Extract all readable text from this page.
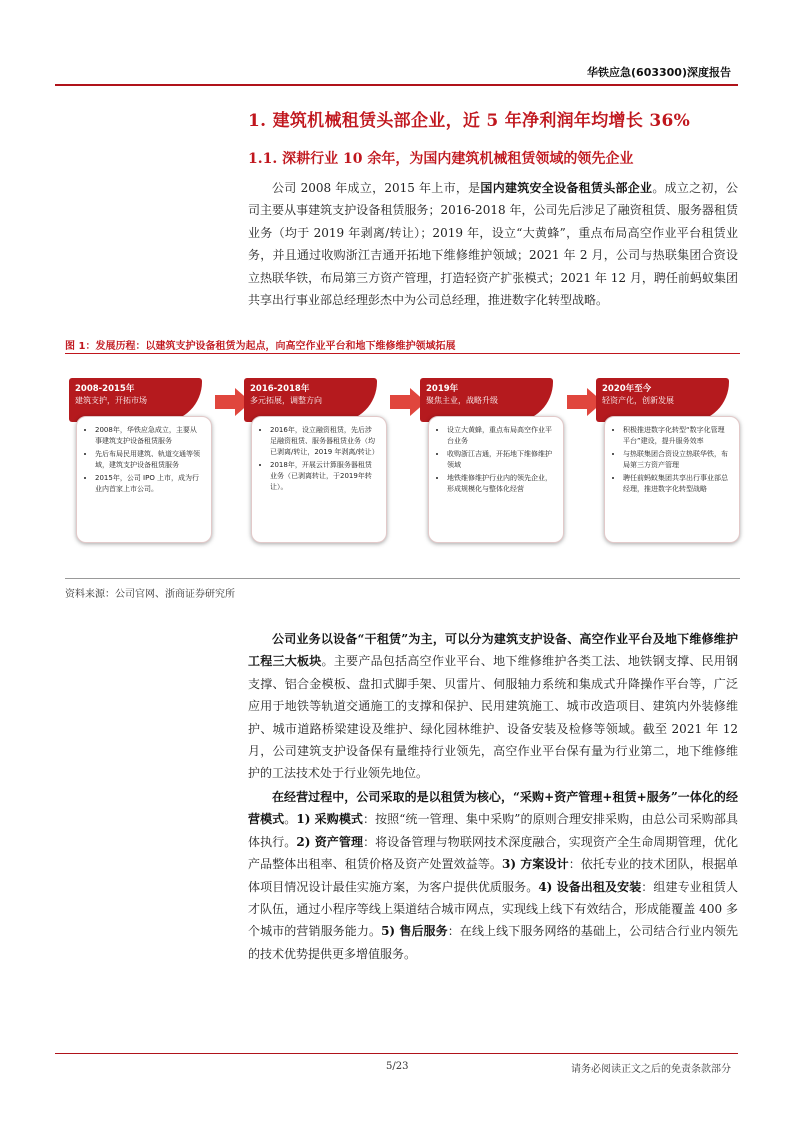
华铁应急(603300)深度报告
1. 建筑机械租赁头部企业，近 5 年净利润年均增长 36%
1.1. 深耕行业 10 余年，为国内建筑机械租赁领域的领先企业
公司 2008 年成立，2015 年上市，是国内建筑安全设备租赁头部企业。成立之初，公司主要从事建筑支护设备租赁服务；2016-2018 年，公司先后涉足了融资租赁、服务器租赁业务（均于 2019 年剥离/转让）；2019 年，设立“大黄蜂”，重点布局高空作业平台租赁业务，并且通过收购浙江吉通开拓地下维修维护领域；2021 年 2 月，公司与热联集团合资设立热联华铁，布局第三方资产管理，打造轻资产扩张模式；2021 年 12 月，聘任前蚂蚁集团共享出行事业部总经理彭杰中为公司总经理，推进数字化转型战略。
图 1：发展历程：以建筑支护设备租赁为起点，向高空作业平台和地下维修维护领域拓展
2008-2015年
建筑支护，开拓市场
• 2008年，华铁应急成立，主要从事建筑支护设备租赁服务
• 先后布局民用建筑、轨道交通等领域，建筑支护设备租赁服务
• 2015年，公司 IPO 上市，成为行业内首家上市公司。
2016-2018年
多元拓展，调整方向
• 2016年，设立融资租赁，先后涉足融资租赁、服务器租赁业务（均已剥离/转让，2019 年剥离/转让）
• 2018年，开展云计算服务器租赁业务（已剥离转让，于2019年转让）。
2019年
聚焦主业，战略升级
• 设立大黄蜂，重点布局高空作业平台业务
• 收购浙江吉通，开拓地下维修维护领域
• 地铁维修维护行业内的领先企业，形成规模化与整体化经营
2020年至今
轻资产化，创新发展
• 积极推进数字化转型“数字化管理平台”建设，提升服务效率
• 与热联集团合资设立热联华铁，布局第三方资产管理
• 聘任前蚂蚁集团共享出行事业部总经理，推进数字化转型战略
资料来源：公司官网、浙商证券研究所
公司业务以设备“干租赁”为主，可以分为建筑支护设备、高空作业平台及地下维修维护工程三大板块。主要产品包括高空作业平台、地下维修维护各类工法、地铁钢支撑、民用钢支撑、铝合金模板、盘扣式脚手架、贝雷片、伺服轴力系统和集成式升降操作平台等，广泛应用于地铁等轨道交通施工的支撑和保护、民用建筑施工、城市改造项目、建筑内外装修维护、城市道路桥梁建设及维护、绿化园林维护、设备安装及检修等领域。截至 2021 年 12 月，公司建筑支护设备保有量维持行业领先，高空作业平台保有量为行业第二，地下维修维护的工法技术处于行业领先地位。
在经营过程中，公司采取的是以租赁为核心，“采购+资产管理+租赁+服务”一体化的经营模式。1) 采购模式：按照“统一管理、集中采购”的原则合理安排采购，由总公司采购部具体执行。2) 资产管理：将设备管理与物联网技术深度融合，实现资产全生命周期管理，优化产品整体出租率、租赁价格及资产处置效益等。3) 方案设计：依托专业的技术团队，根据单体项目情况设计最佳实施方案，为客户提供优质服务。4) 设备出租及安装：组建专业租赁人才队伍，通过小程序等线上渠道结合城市网点，实现线上线下有效结合，形成能覆盖 400 多个城市的营销服务能力。5) 售后服务：在线上线下服务网络的基础上，公司结合行业内领先的技术优势提供更多增值服务。
5/23	请务必阅读正文之后的免责条款部分
